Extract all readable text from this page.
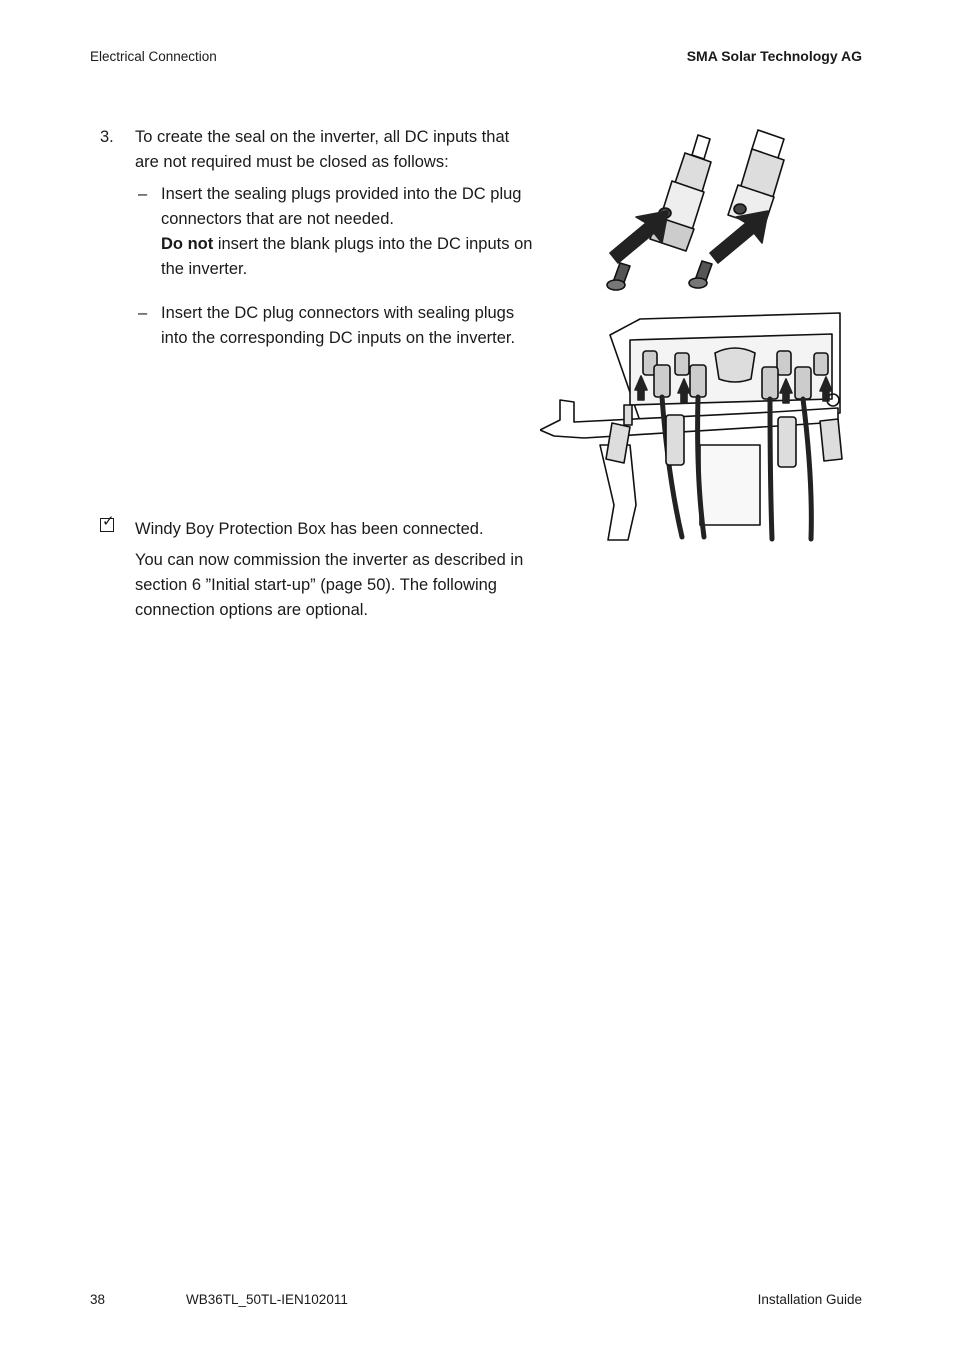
Electrical Connection	SMA Solar Technology AG
3. To create the seal on the inverter, all DC inputs that are not required must be closed as follows:
– Insert the sealing plugs provided into the DC plug connectors that are not needed.
Do not insert the blank plugs into the DC inputs on the inverter.
– Insert the DC plug connectors with sealing plugs into the corresponding DC inputs on the inverter.
✓ Windy Boy Protection Box has been connected.
You can now commission the inverter as described in section 6 ”Initial start-up” (page 50). The following connection options are optional.
38	WB36TL_50TL-IEN102011	Installation Guide
